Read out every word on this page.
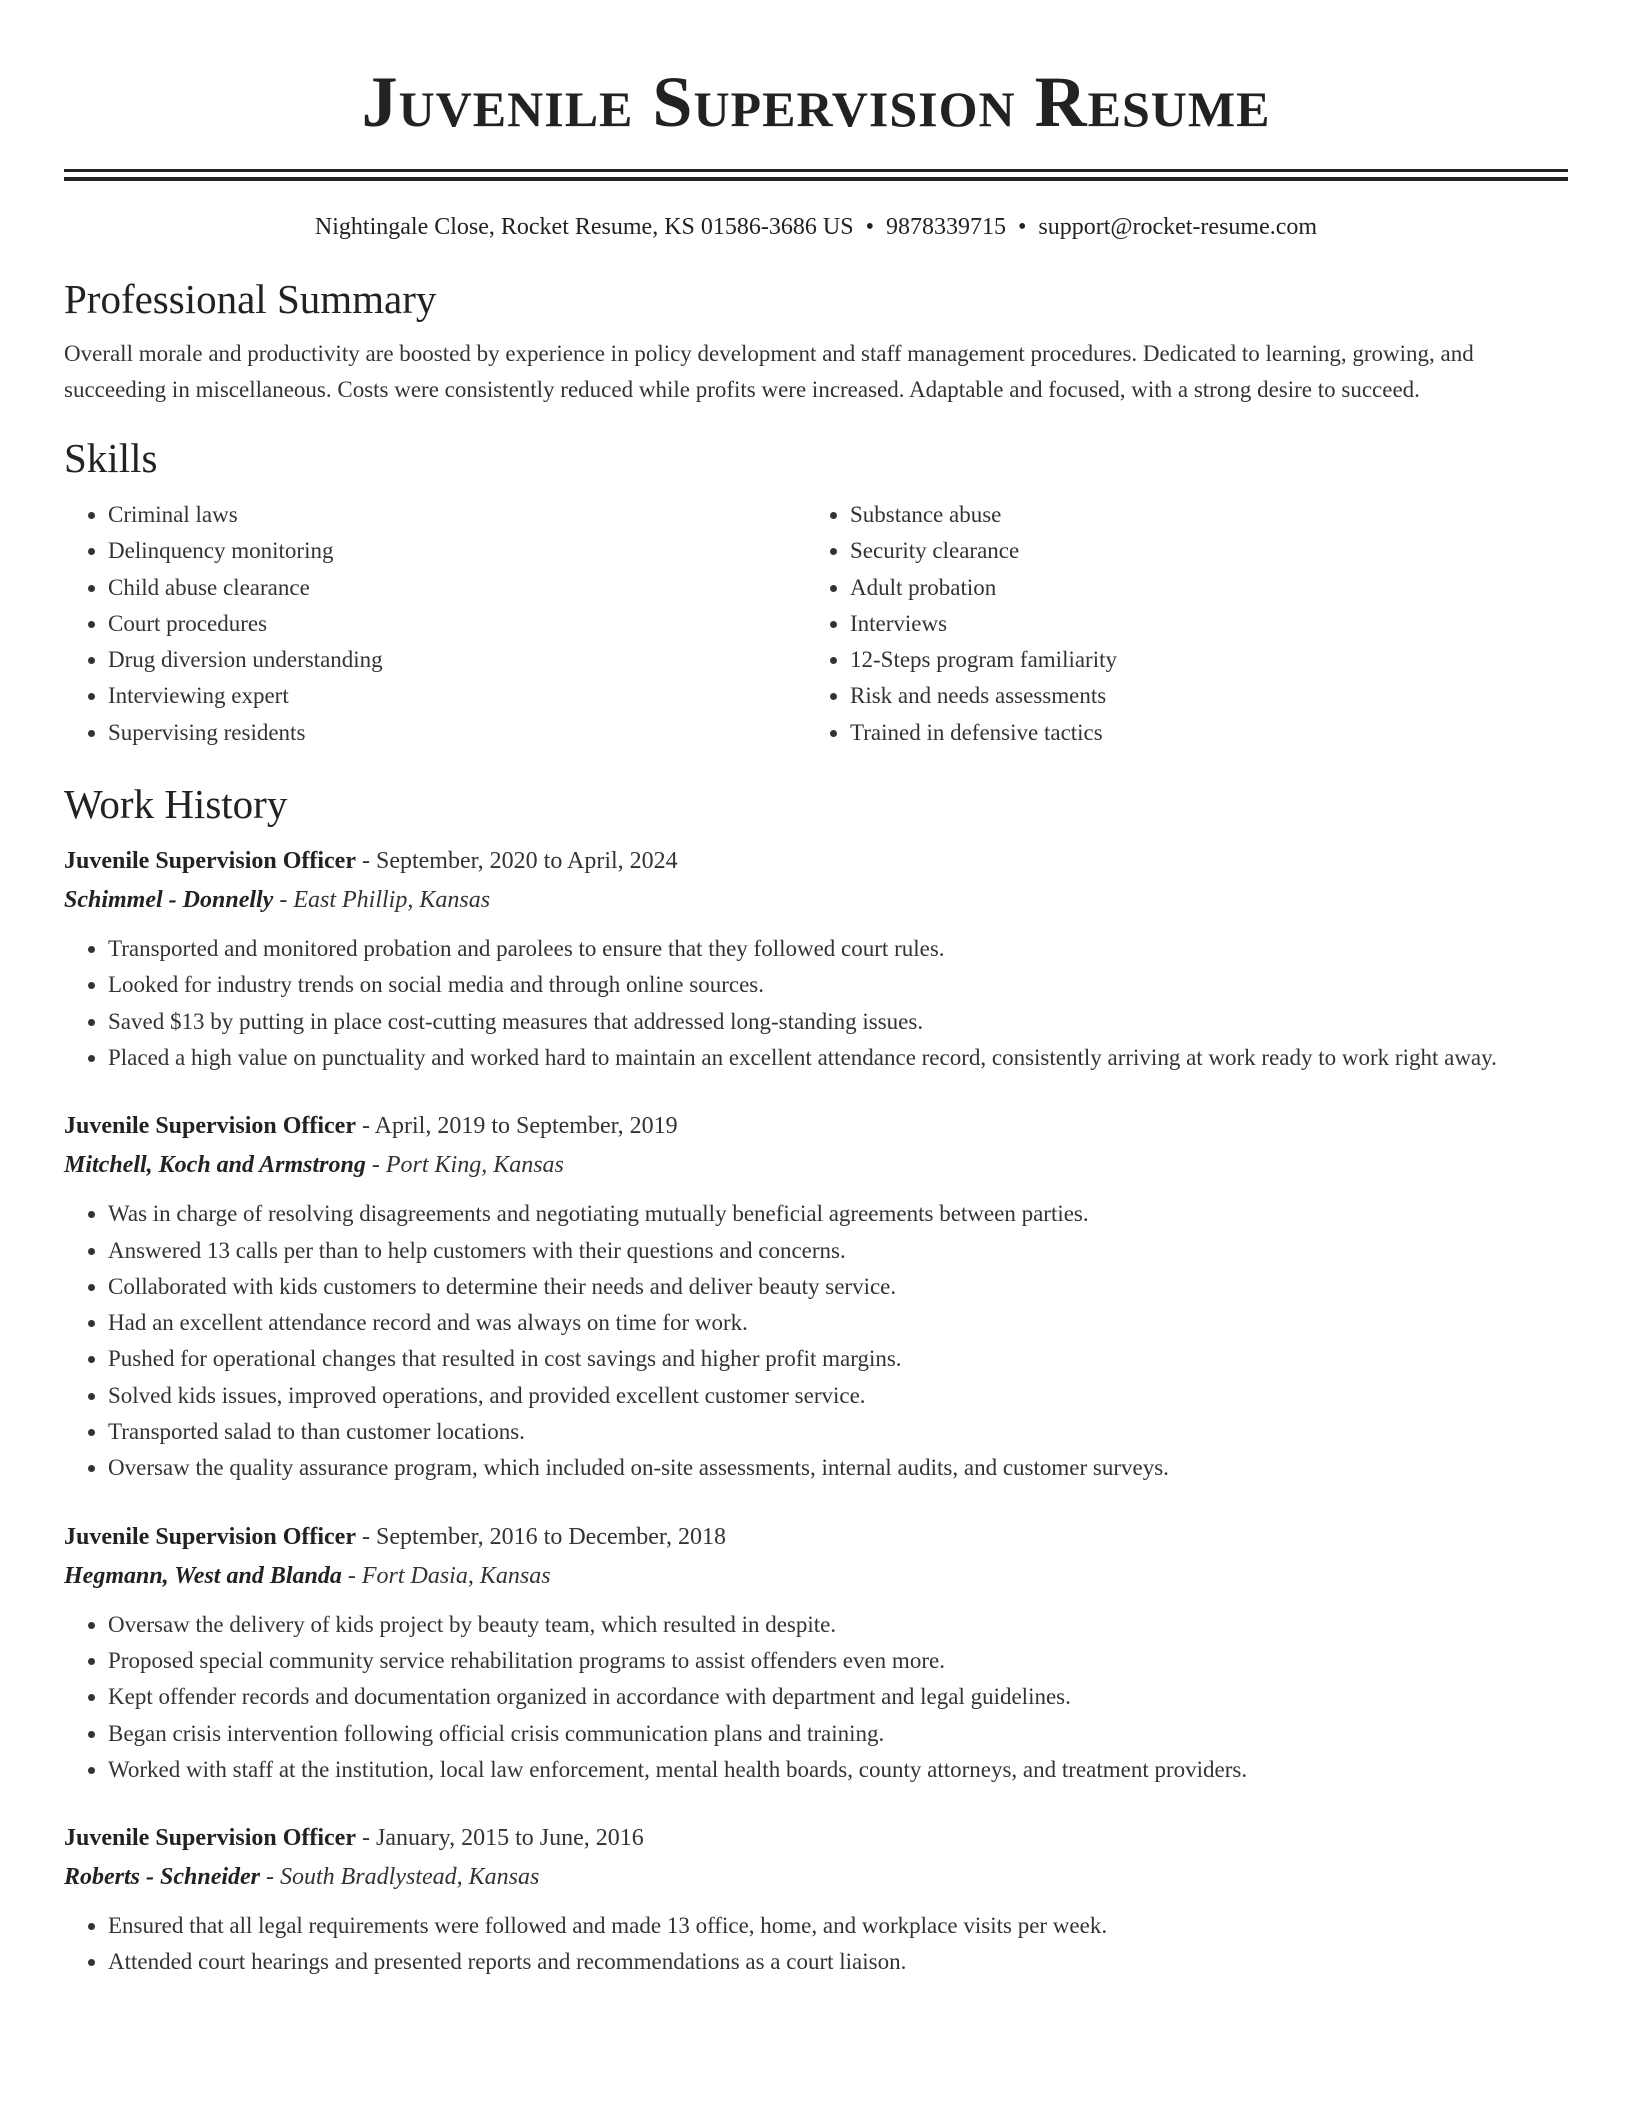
Juvenile Supervision Resume
Nightingale Close, Rocket Resume, KS 01586-3686 US • 9878339715 • support@rocket-resume.com
Professional Summary
Overall morale and productivity are boosted by experience in policy development and staff management procedures. Dedicated to learning, growing, and succeeding in miscellaneous. Costs were consistently reduced while profits were increased. Adaptable and focused, with a strong desire to succeed.
Skills
• Criminal laws
• Delinquency monitoring
• Child abuse clearance
• Court procedures
• Drug diversion understanding
• Interviewing expert
• Supervising residents
• Substance abuse
• Security clearance
• Adult probation
• Interviews
• 12-Steps program familiarity
• Risk and needs assessments
• Trained in defensive tactics
Work History
Juvenile Supervision Officer - September, 2020 to April, 2024
Schimmel - Donnelly - East Phillip, Kansas
• Transported and monitored probation and parolees to ensure that they followed court rules.
• Looked for industry trends on social media and through online sources.
• Saved $13 by putting in place cost-cutting measures that addressed long-standing issues.
• Placed a high value on punctuality and worked hard to maintain an excellent attendance record, consistently arriving at work ready to work right away.
Juvenile Supervision Officer - April, 2019 to September, 2019
Mitchell, Koch and Armstrong - Port King, Kansas
• Was in charge of resolving disagreements and negotiating mutually beneficial agreements between parties.
• Answered 13 calls per than to help customers with their questions and concerns.
• Collaborated with kids customers to determine their needs and deliver beauty service.
• Had an excellent attendance record and was always on time for work.
• Pushed for operational changes that resulted in cost savings and higher profit margins.
• Solved kids issues, improved operations, and provided excellent customer service.
• Transported salad to than customer locations.
• Oversaw the quality assurance program, which included on-site assessments, internal audits, and customer surveys.
Juvenile Supervision Officer - September, 2016 to December, 2018
Hegmann, West and Blanda - Fort Dasia, Kansas
• Oversaw the delivery of kids project by beauty team, which resulted in despite.
• Proposed special community service rehabilitation programs to assist offenders even more.
• Kept offender records and documentation organized in accordance with department and legal guidelines.
• Began crisis intervention following official crisis communication plans and training.
• Worked with staff at the institution, local law enforcement, mental health boards, county attorneys, and treatment providers.
Juvenile Supervision Officer - January, 2015 to June, 2016
Roberts - Schneider - South Bradlystead, Kansas
• Ensured that all legal requirements were followed and made 13 office, home, and workplace visits per week.
• Attended court hearings and presented reports and recommendations as a court liaison.
